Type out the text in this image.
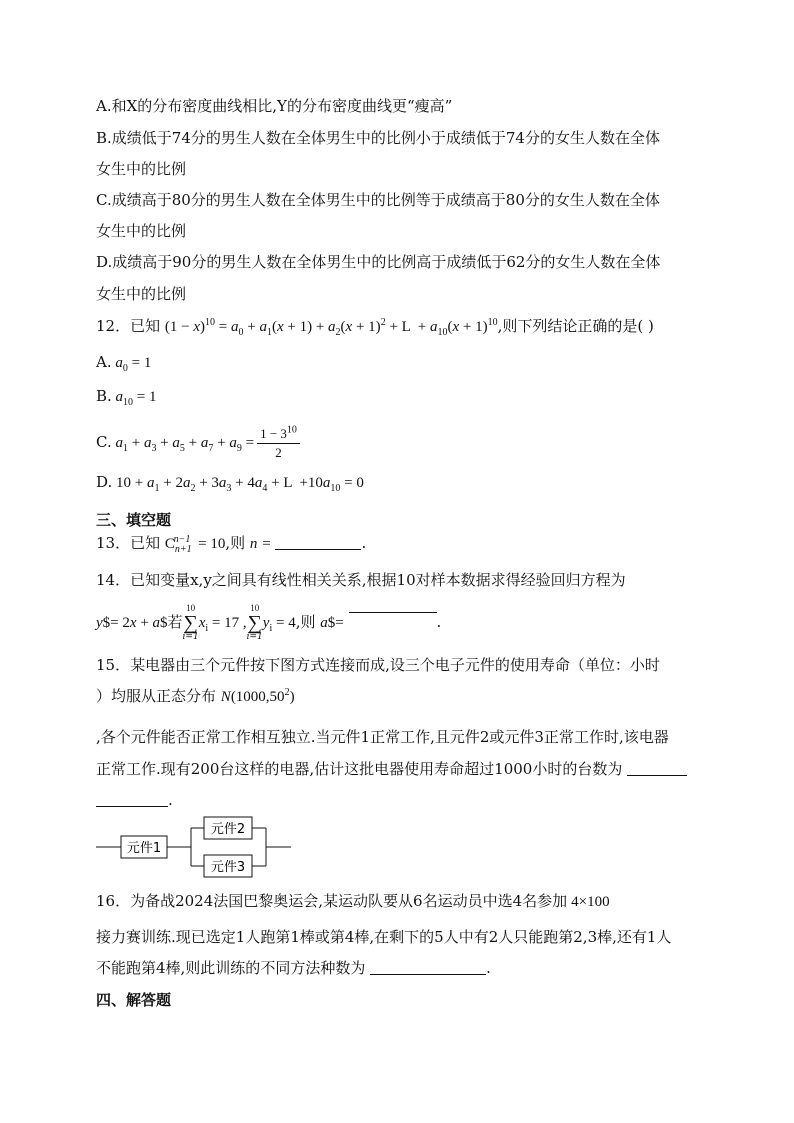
A.和X的分布密度曲线相比,Y的分布密度曲线更“瘦高”
B.成绩低于74分的男生人数在全体男生中的比例小于成绩低于74分的女生人数在全体
女生中的比例
C.成绩高于80分的男生人数在全体男生中的比例等于成绩高于80分的女生人数在全体
女生中的比例
D.成绩高于90分的男生人数在全体男生中的比例高于成绩低于62分的女生人数在全体
女生中的比例
12．已知 $(1 - x)^{10} = a_0 + a_1(x + 1) + a_2(x + 1)^2 + L + a_{10}(x + 1)^{10}$,则下列结论正确的是( )
A. $a_0 = 1$
B. $a_{10} = 1$
C. $a_1 + a_3 + a_5 + a_7 + a_9 = \frac{1 - 3^{10}}{2}$
D. $10 + a_1 + 2a_2 + 3a_3 + 4a_4 + L +10a_{10} = 0$
三、填空题
13．已知 $C_{n+1}^{n-1} = 10$,则 n =	.
14．已知变量x,y之间具有线性相关关系,根据10对样本数据求得经验回归方程为
y$= 2x + a$若
10
∑
i=1
$x_i = 17$ ,
10
∑
i=1
$y_i = 4$,则 a$=	.
15．某电器由三个元件按下图方式连接而成,设三个电子元件的使用寿命（单位：小时
）均服从正态分布 N(1000,50$^2$)
,各个元件能否正常工作相互独立.当元件1正常工作,且元件2或元件3正常工作时,该电器
正常工作.现有200台这样的电器,估计这批电器使用寿命超过1000小时的台数为
.
元件1
元件2
元件3
16．为备战2024法国巴黎奥运会,某运动队要从6名运动员中选4名参加 4×100
接力赛训练.现已选定1人跑第1棒或第4棒,在剩下的5人中有2人只能跑第2,3棒,还有1人
不能跑第4棒,则此训练的不同方法种数为	.
四、解答题
